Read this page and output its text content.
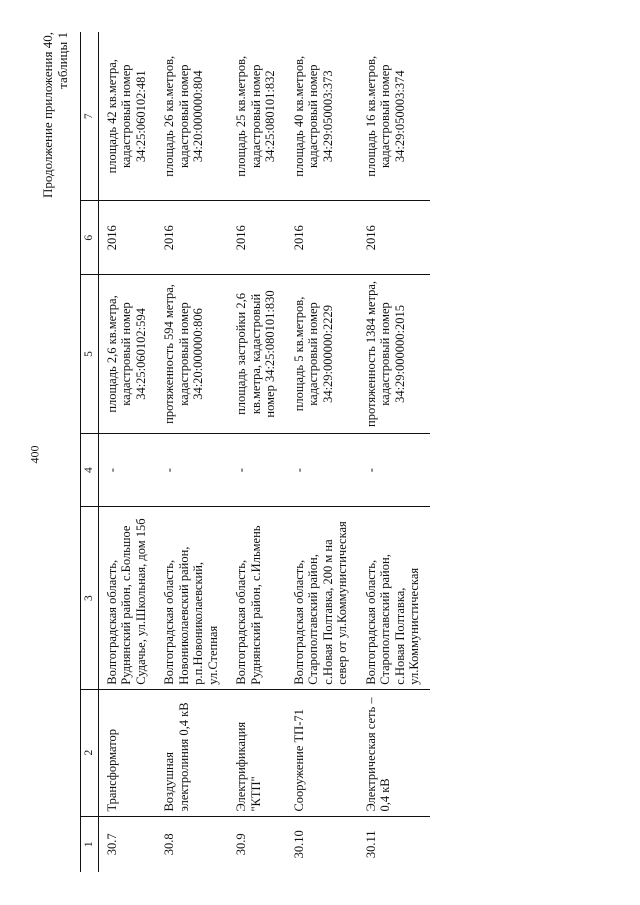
400
Продолжение приложения 40, таблицы 1
1	2	3	4	5	6	7
30.7	Трансформатор	Волгоградская область, Руднянский район, с.Большое Судачье, ул.Школьная, дом 15б	-	площадь 2,6 кв.метра, кадастровый номер 34:25:060102:594	2016	площадь 42 кв.метра, кадастровый номер 34:25:060102:481
30.8	Воздушная электролиния 0,4 кВ	Волгоградская область, Новониколаевский район, р.п.Новониколаевский, ул.Степная	-	протяженность 594 метра, кадастровый номер 34:20:000000:806	2016	площадь 26 кв.метров, кадастровый номер 34:20:000000:804
30.9	Электрификация "КТП"	Волгоградская область, Руднянский район, с.Ильмень	-	площадь застройки 2,6 кв.метра, кадастровый номер 34:25:080101:830	2016	площадь 25 кв.метров, кадастровый номер 34:25:080101:832
30.10	Сооружение ТП-71	Волгоградская область, Старополтавский район, с.Новая Полтавка, 200 м на север от ул.Коммунистическая	-	площадь 5 кв.метров, кадастровый номер 34:29:000000:2229	2016	площадь 40 кв.метров, кадастровый номер 34:29:050003:373
30.11	Электрическая сеть – 0,4 кВ	Волгоградская область, Старополтавский район, с.Новая Полтавка, ул.Коммунистическая	-	протяженность 1384 метра, кадастровый номер 34:29:000000:2015	2016	площадь 16 кв.метров, кадастровый номер 34:29:050003:374
